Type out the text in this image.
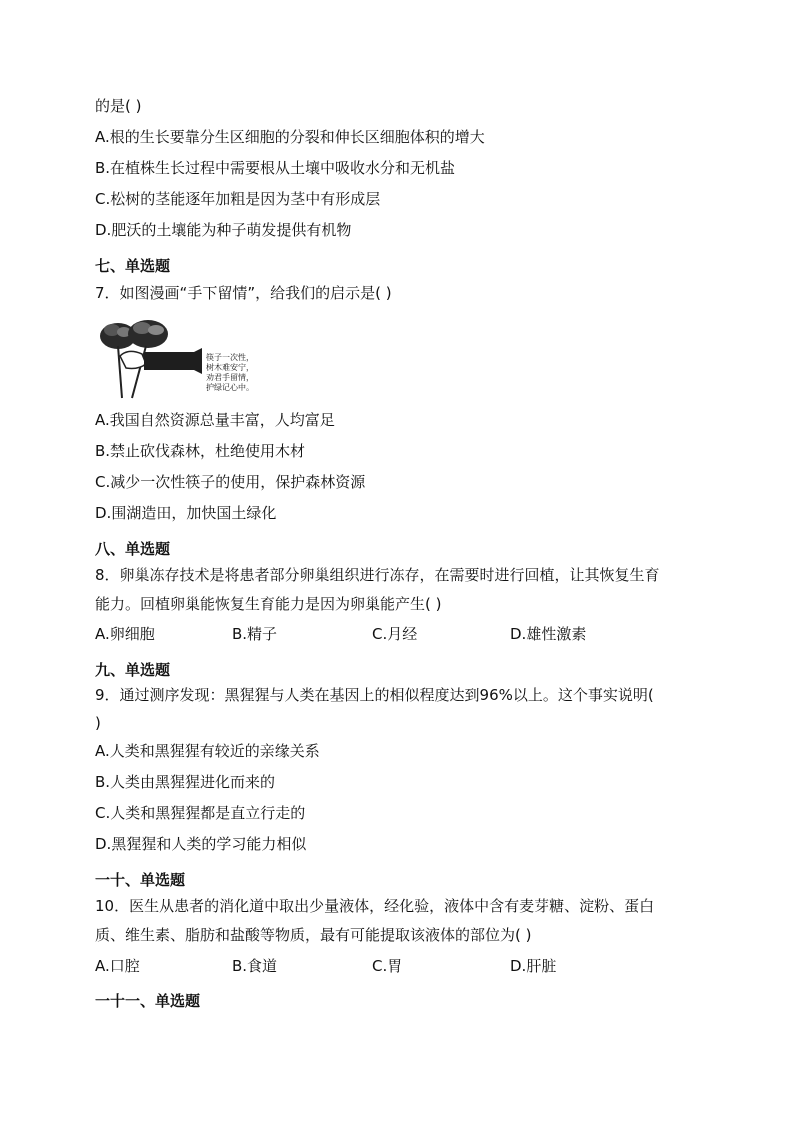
的是( )
A.根的生长要靠分生区细胞的分裂和伸长区细胞体积的增大
B.在植株生长过程中需要根从土壤中吸收水分和无机盐
C.松树的茎能逐年加粗是因为茎中有形成层
D.肥沃的土壤能为种子萌发提供有机物
七、单选题
7．如图漫画“手下留情”，给我们的启示是( )
筷子一次性，
树木难安宁，
劝君手留情，
护绿记心中。
A.我国自然资源总量丰富，人均富足
B.禁止砍伐森林，杜绝使用木材
C.减少一次性筷子的使用，保护森林资源
D.围湖造田，加快国土绿化
八、单选题
8．卵巢冻存技术是将患者部分卵巢组织进行冻存，在需要时进行回植，让其恢复生育
能力。回植卵巢能恢复生育能力是因为卵巢能产生( )
A.卵细胞	B.精子	C.月经	D.雄性激素
九、单选题
9．通过测序发现：黑猩猩与人类在基因上的相似程度达到96%以上。这个事实说明(
)
A.人类和黑猩猩有较近的亲缘关系
B.人类由黑猩猩进化而来的
C.人类和黑猩猩都是直立行走的
D.黑猩猩和人类的学习能力相似
一十、单选题
10．医生从患者的消化道中取出少量液体，经化验，液体中含有麦芽糖、淀粉、蛋白
质、维生素、脂肪和盐酸等物质，最有可能提取该液体的部位为( )
A.口腔	B.食道	C.胃	D.肝脏
一十一、单选题
